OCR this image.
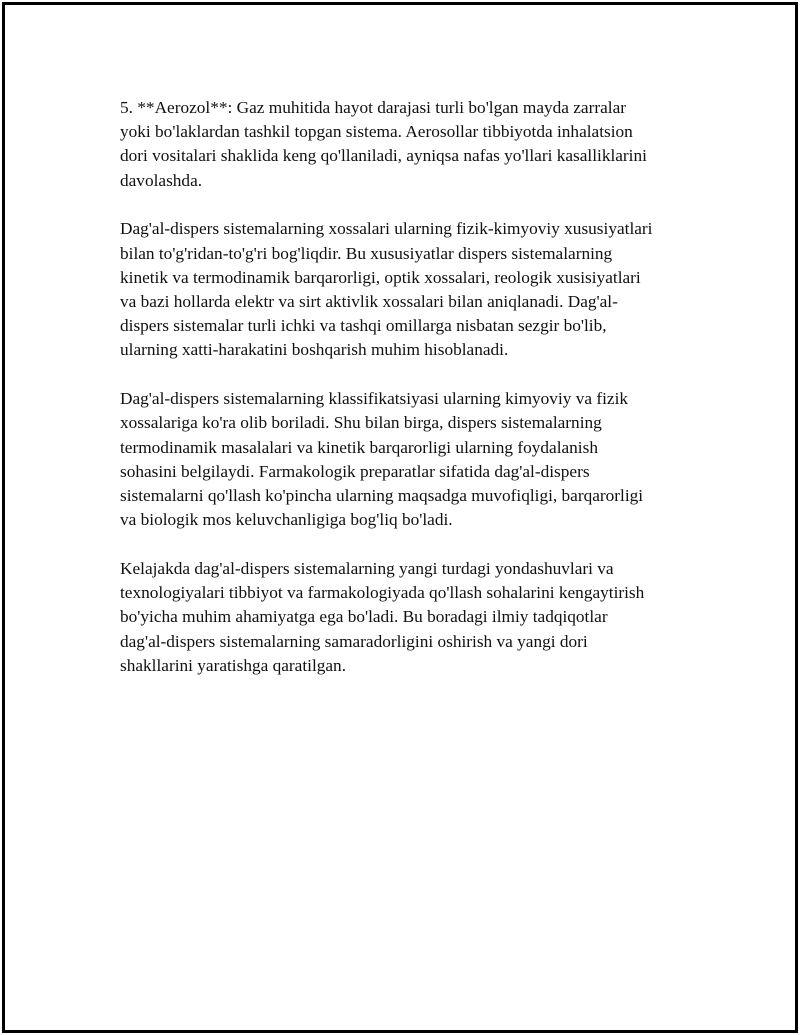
5. **Aerozol**: Gaz muhitida hayot darajasi turli bo'lgan mayda zarralar
yoki bo'laklardan tashkil topgan sistema. Aerosollar tibbiyotda inhalatsion
dori vositalari shaklida keng qo'llaniladi, ayniqsa nafas yo'llari kasalliklarini
davolashda.

Dag'al-dispers sistemalarning xossalari ularning fizik-kimyoviy xususiyatlari
bilan to'g'ridan-to'g'ri bog'liqdir. Bu xususiyatlar dispers sistemalarning
kinetik va termodinamik barqarorligi, optik xossalari, reologik xusisiyatlari
va bazi hollarda elektr va sirt aktivlik xossalari bilan aniqlanadi. Dag'al-
dispers sistemalar turli ichki va tashqi omillarga nisbatan sezgir bo'lib,
ularning xatti-harakatini boshqarish muhim hisoblanadi.

Dag'al-dispers sistemalarning klassifikatsiyasi ularning kimyoviy va fizik
xossalariga ko'ra olib boriladi. Shu bilan birga, dispers sistemalarning
termodinamik masalalari va kinetik barqarorligi ularning foydalanish
sohasini belgilaydi. Farmakologik preparatlar sifatida dag'al-dispers
sistemalarni qo'llash ko'pincha ularning maqsadga muvofiqligi, barqarorligi
va biologik mos keluvchanligiga bog'liq bo'ladi.

Kelajakda dag'al-dispers sistemalarning yangi turdagi yondashuvlari va
texnologiyalari tibbiyot va farmakologiyada qo'llash sohalarini kengaytirish
bo'yicha muhim ahamiyatga ega bo'ladi. Bu boradagi ilmiy tadqiqotlar
dag'al-dispers sistemalarning samaradorligini oshirish va yangi dori
shakllarini yaratishga qaratilgan.
